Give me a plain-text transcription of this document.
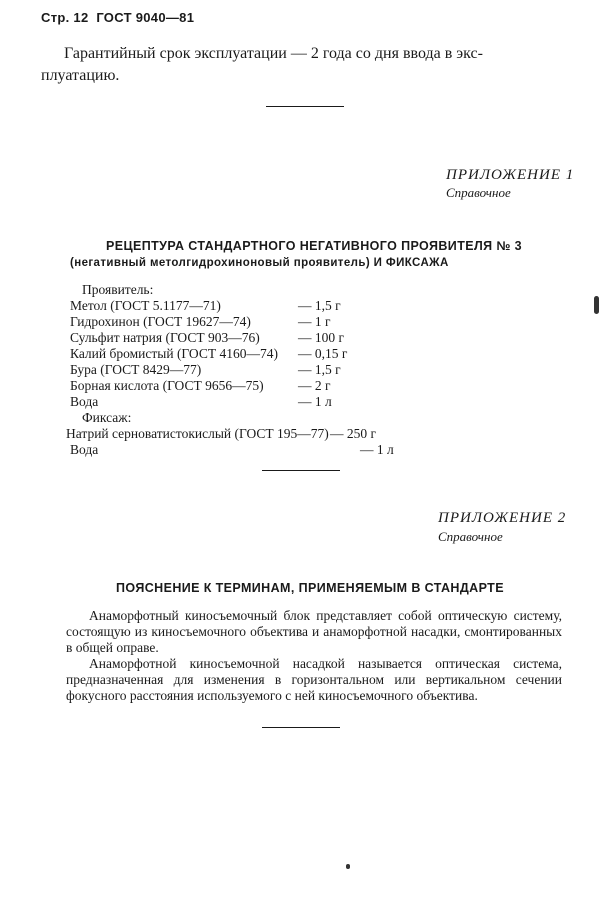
Стр. 12 ГОСТ 9040—81
Гарантийный срок эксплуатации — 2 года со дня ввода в экс-
плуатацию.
ПРИЛОЖЕНИЕ 1
Справочное
РЕЦЕПТУРА СТАНДАРТНОГО НЕГАТИВНОГО ПРОЯВИТЕЛЯ № 3
(негативный метолгидрохиноновый проявитель) И ФИКСАЖА
Проявитель:
Метол (ГОСТ 5.1177—71)	— 1,5 г
Гидрохинон (ГОСТ 19627—74)	— 1 г
Сульфит натрия (ГОСТ 903—76)	— 100 г
Калий бромистый (ГОСТ 4160—74) — 0,15 г
Бура (ГОСТ 8429—77)	— 1,5 г
Борная кислота (ГОСТ 9656—75)	— 2 г
Вода	— 1 л
Фиксаж:
Натрий серноватистокислый (ГОСТ 195—77) — 250 г
Вода	— 1 л
ПРИЛОЖЕНИЕ 2
Справочное
ПОЯСНЕНИЕ К ТЕРМИНАМ, ПРИМЕНЯЕМЫМ В СТАНДАРТЕ

Анаморфотный киносъемочный блок представляет собой оптическую систему, состоящую из киносъемочного объектива и анаморфотной насадки, смонтированных в общей оправе.

Анаморфотной киносъемочной насадкой называется оптическая система, предназначенная для изменения в горизонтальном или вертикальном сечении фокусного расстояния используемого с ней киносъемочного объектива.
